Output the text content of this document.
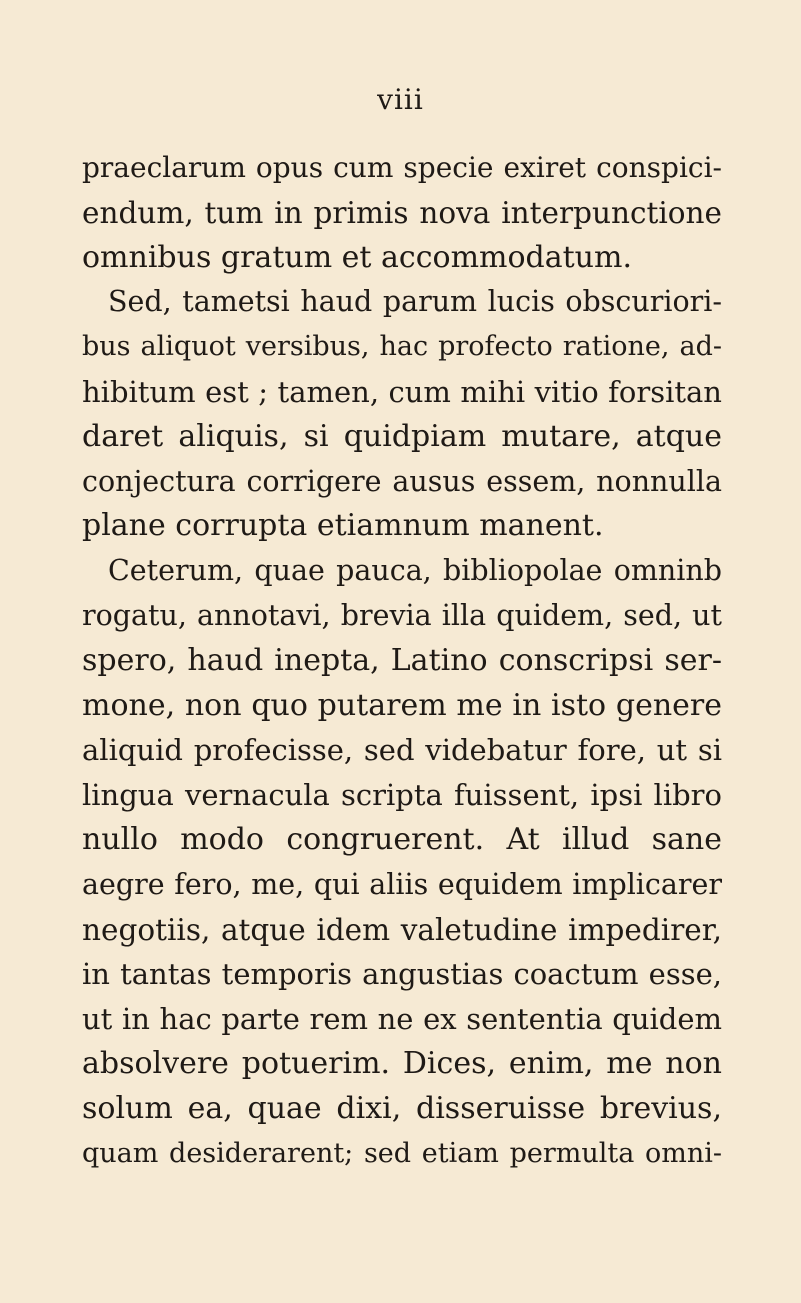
viii
praeclarum opus cum specie exiret conspici-
endum, tum in primis nova interpunctione
omnibus gratum et accommodatum.
Sed, tametsi haud parum lucis obscuriori-
bus aliquot versibus, hac profecto ratione, ad-
hibitum est ; tamen, cum mihi vitio forsitan
daret aliquis, si quidpiam mutare, atque
conjectura corrigere ausus essem, nonnulla
plane corrupta etiamnum manent.
Ceterum, quae pauca, bibliopolae omninb
rogatu, annotavi, brevia illa quidem, sed, ut
spero, haud inepta, Latino conscripsi ser-
mone, non quo putarem me in isto genere
aliquid profecisse, sed videbatur fore, ut si
lingua vernacula scripta fuissent, ipsi libro
nullo modo congruerent. At illud sane
aegre fero, me, qui aliis equidem implicarer
negotiis, atque idem valetudine impedirer,
in tantas temporis angustias coactum esse,
ut in hac parte rem ne ex sententia quidem
absolvere potuerim. Dices, enim, me non
solum ea, quae dixi, disseruisse brevius,
quam desiderarent; sed etiam permulta omni-
